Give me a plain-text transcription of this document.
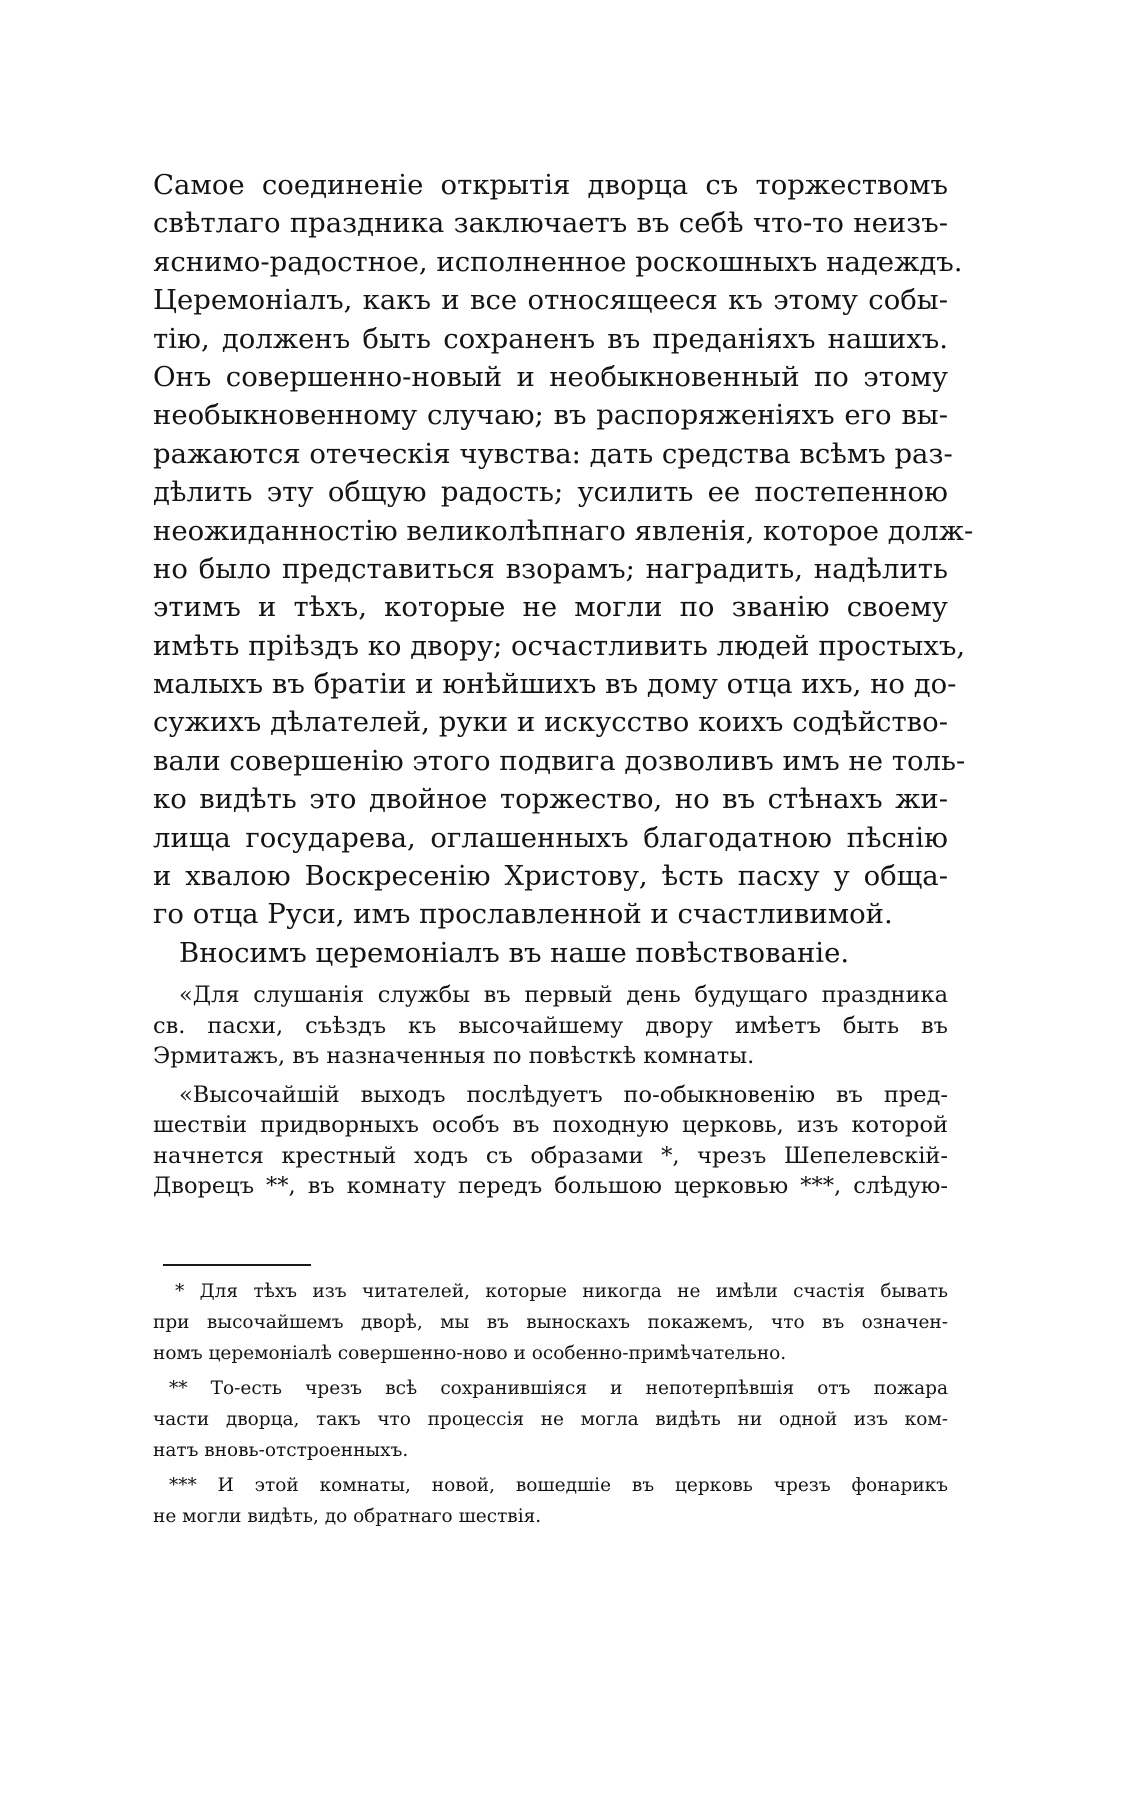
Самое соединенiе открытiя дворца съ торжествомъ
свѣтлаго праздника заключаетъ въ себѣ что-то неизъ-
яснимо-радостное, исполненное роскошныхъ надеждъ.
Церемонiалъ, какъ и все относящееся къ этому собы-
тiю, долженъ быть сохраненъ въ преданiяхъ нашихъ.
Онъ совершенно-новый и необыкновенный по этому
необыкновенному случаю; въ распоряженiяхъ его вы-
ражаются отеческiя чувства: дать средства всѣмъ раз-
дѣлить эту общую радость; усилить ее постепенною
неожиданностiю великолѣпнаго явленiя, которое долж-
но было представиться взорамъ; наградить, надѣлить
этимъ и тѣхъ, которые не могли по званiю своему
имѣть прiѣздъ ко двору; осчастливить людей простыхъ,
малыхъ въ братiи и юнѣйшихъ въ дому отца ихъ, но до-
сужихъ дѣлателей, руки и искусство коихъ содѣйство-
вали совершенiю этого подвига дозволивъ имъ не толь-
ко видѣть это двойное торжество, но въ стѣнахъ жи-
лища государева, оглашенныхъ благодатною пѣснiю
и хвалою Воскресенiю Христову, ѣсть пасху у обща-
го отца Руси, имъ прославленной и счастливимой.
Вносимъ церемонiалъ въ наше повѣствованiе.
«Для слушанiя службы въ первый день будущаго праздника
св. пасхи, съѣздъ къ высочайшему двору имѣетъ быть въ
Эрмитажъ, въ назначенныя по повѣсткѣ комнаты.
«Высочайшiй выходъ послѣдуетъ по-обыкновенiю въ пред-
шествiи придворныхъ особъ въ походную церковь, изъ которой
начнется крестный ходъ съ образами *, чрезъ Шепелевскiй-
Дворецъ **, въ комнату передъ большою церковью ***, слѣдую-
* Для тѣхъ изъ читателей, которые никогда не имѣли счастiя бывать
при высочайшемъ дворѣ, мы въ выноскахъ покажемъ, что въ означен-
номъ церемонiалѣ совершенно-ново и особенно-примѣчательно.
** То-есть чрезъ всѣ сохранившiяся и непотерпѣвшiя отъ пожара
части дворца, такъ что процессiя не могла видѣть ни одной изъ ком-
натъ вновь-отстроенныхъ.
*** И этой комнаты, новой, вошедшiе въ церковь чрезъ фонарикъ
не могли видѣть, до обратнаго шествiя.
